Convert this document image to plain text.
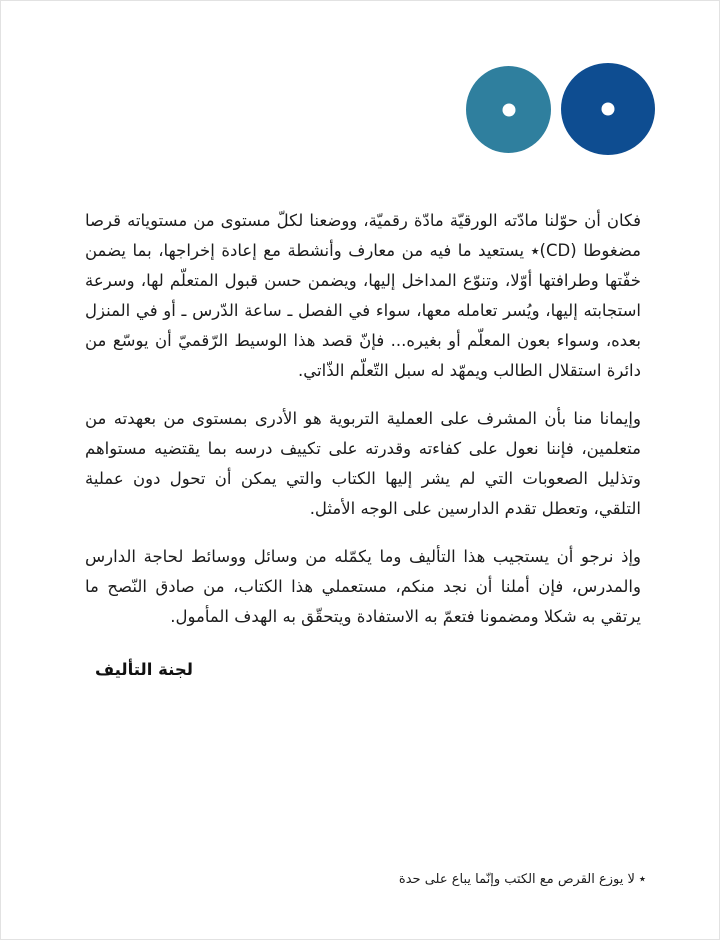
فكان أن حوّلنا مادّته الورقيّة مادّة رقميّة، ووضعنا لكلّ مستوى من مستوياته قرصا مضغوطا (CD)٭ يستعيد ما فيه من معارف وأنشطة مع إعادة إخراجها، بما يضمن خفّتها وطرافتها أوّلا، وتنوّع المداخل إليها، ويضمن حسن قبول المتعلّم لها، وسرعة استجابته إليها، ويُسر تعامله معها، سواء في الفصل ـ ساعة الدّرس ـ أو في المنزل بعده، وسواء بعون المعلّم أو بغيره... فإنّ قصد هذا الوسيط الرّقميّ أن يوسّع من دائرة استقلال الطالب ويمهّد له سبل التّعلّم الذّاتي.

وإيمانا منا بأن المشرف على العملية التربوية هو الأدرى بمستوى من بعهدته من متعلمين، فإننا نعول على كفاءته وقدرته على تكييف درسه بما يقتضيه مستواهم وتذليل الصعوبات التي لم يشر إليها الكتاب والتي يمكن أن تحول دون عملية التلقي، وتعطل تقدم الدارسين على الوجه الأمثل.

وإذ نرجو أن يستجيب هذا التأليف وما يكمّله من وسائل ووسائط لحاجة الدارس والمدرس، فإن أملنا أن نجد منكم، مستعملي هذا الكتاب، من صادق النّصح ما يرتقي به شكلا ومضمونا فتعمّ به الاستفادة ويتحقّق به الهدف المأمول.

لجنة التأليف
٭لا يوزع القرص مع الكتب وإنّما يباع على حدة
